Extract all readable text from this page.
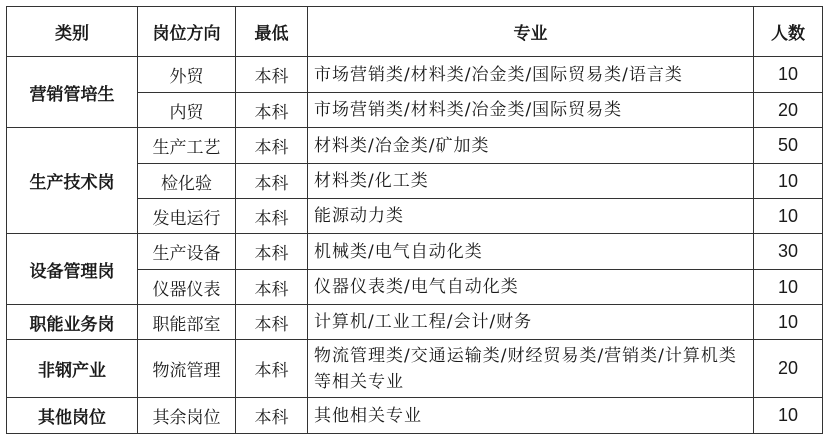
类别	岗位方向	最低	专业	人数
营销管培生	外贸	本科	市场营销类/材料类/冶金类/国际贸易类/语言类	10
	内贸	本科	市场营销类/材料类/冶金类/国际贸易类	20
生产技术岗	生产工艺	本科	材料类/冶金类/矿加类	50
	检化验	本科	材料类/化工类	10
	发电运行	本科	能源动力类	10
设备管理岗	生产设备	本科	机械类/电气自动化类	30
	仪器仪表	本科	仪器仪表类/电气自动化类	10
职能业务岗	职能部室	本科	计算机/工业工程/会计/财务	10
非钢产业	物流管理	本科	物流管理类/交通运输类/财经贸易类/营销类/计算机类等相关专业	20
其他岗位	其余岗位	本科	其他相关专业	10
